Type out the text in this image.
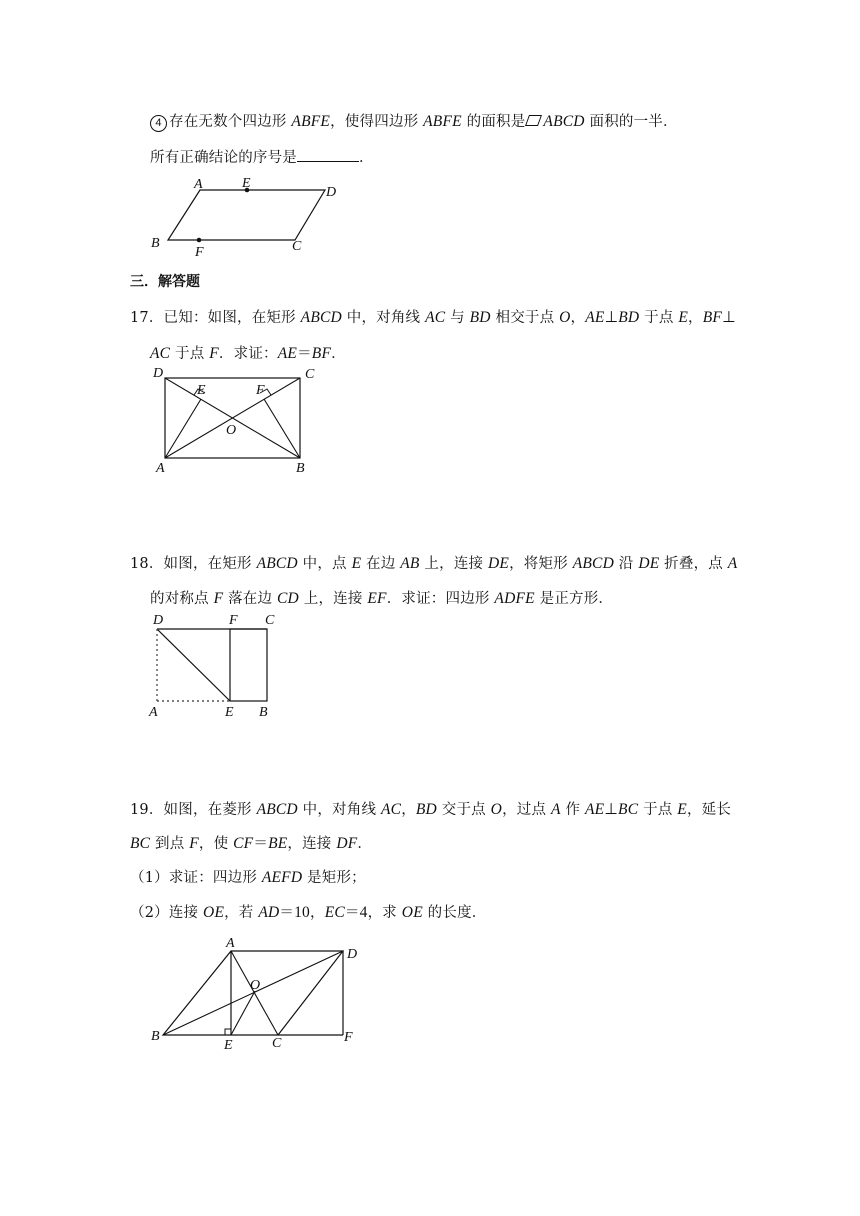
4 存在无数个四边形 ABFE，使得四边形 ABFE 的面积是 ABCD 面积的一半．
所有正确结论的序号是	．
A	E
D
B
F	C
三．解答题
17．已知：如图，在矩形 ABCD 中，对角线 AC 与 BD 相交于点 O，AE⊥BD 于点 E，BF⊥
AC 于点 F．求证：AE＝BF．
D
E	F
C
O
A	B
18．如图，在矩形 ABCD 中，点 E 在边 AB 上，连接 DE，将矩形 ABCD 沿 DE 折叠，点 A
的对称点 F 落在边 CD 上，连接 EF．求证：四边形 ADFE 是正方形．
D	F C
A	E B
19．如图，在菱形 ABCD 中，对角线 AC，BD 交于点 O，过点 A 作 AE⊥BC 于点 E，延长
BC 到点 F，使 CF＝BE，连接 DF．
（1）求证：四边形 AEFD 是矩形；
（2）连接 OE，若 AD＝10，EC＝4，求 OE 的长度．
A
D
O
B
E	C	F
